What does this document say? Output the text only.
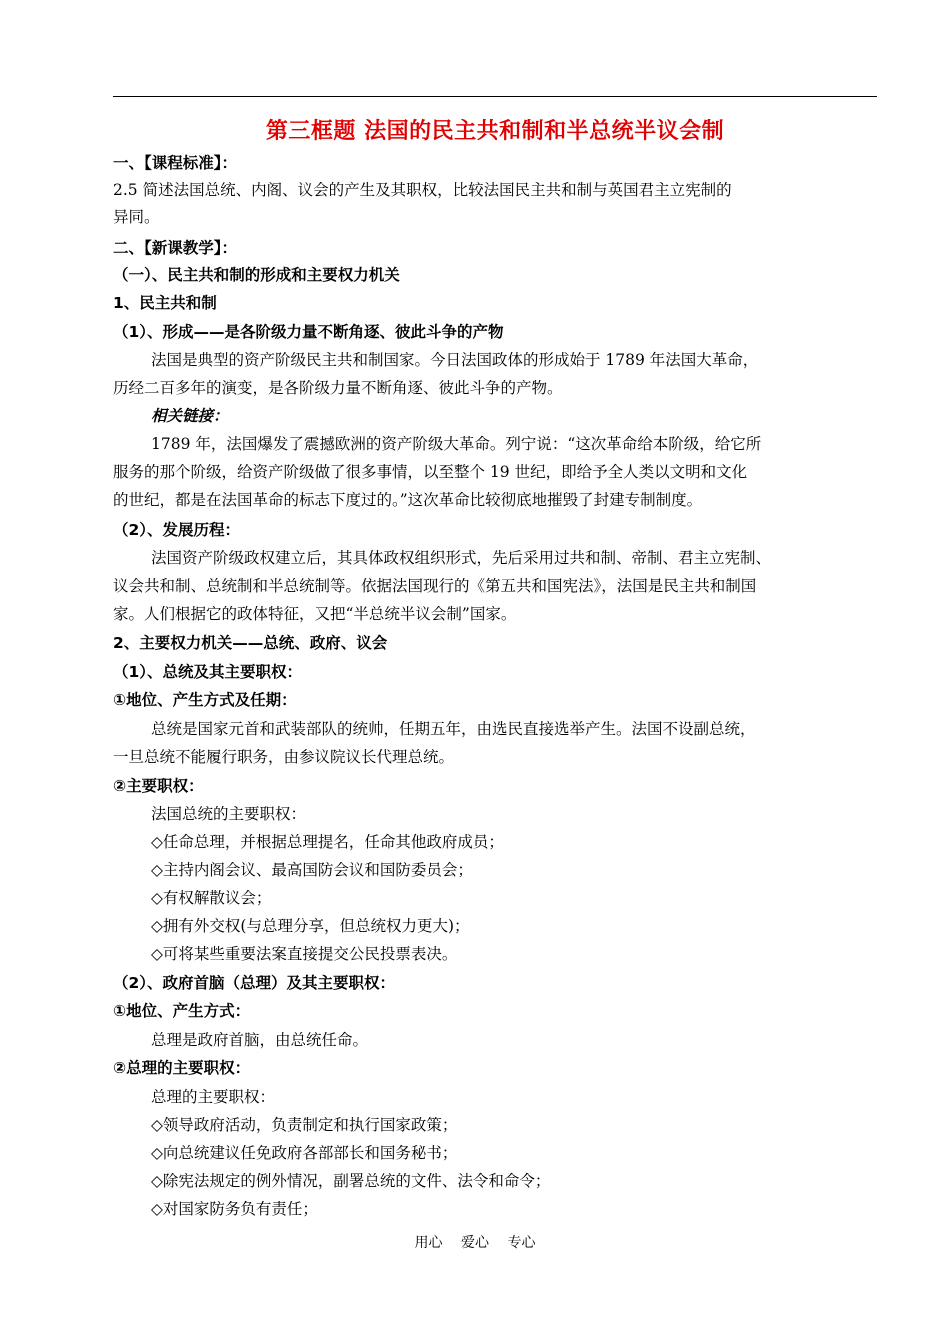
第三框题 法国的民主共和制和半总统半议会制
一、【课程标准】：
2.5 简述法国总统、内阁、议会的产生及其职权，比较法国民主共和制与英国君主立宪制的
异同。
二、【新课教学】：
（一）、民主共和制的形成和主要权力机关
1、民主共和制
（1）、形成——是各阶级力量不断角逐、彼此斗争的产物
法国是典型的资产阶级民主共和制国家。今日法国政体的形成始于 1789 年法国大革命，
历经二百多年的演变，是各阶级力量不断角逐、彼此斗争的产物。
相关链接：
1789 年，法国爆发了震撼欧洲的资产阶级大革命。列宁说：“这次革命给本阶级，给它所
服务的那个阶级，给资产阶级做了很多事情，以至整个 19 世纪，即给予全人类以文明和文化
的世纪，都是在法国革命的标志下度过的。”这次革命比较彻底地摧毁了封建专制制度。
（2）、发展历程：
法国资产阶级政权建立后，其具体政权组织形式，先后采用过共和制、帝制、君主立宪制、
议会共和制、总统制和半总统制等。依据法国现行的《第五共和国宪法》，法国是民主共和制国
家。人们根据它的政体特征，又把“半总统半议会制”国家。
2、主要权力机关——总统、政府、议会
（1）、总统及其主要职权：
①地位、产生方式及任期：
总统是国家元首和武装部队的统帅，任期五年，由选民直接选举产生。法国不设副总统，
一旦总统不能履行职务，由参议院议长代理总统。
②主要职权：
法国总统的主要职权：
◇任命总理，并根据总理提名，任命其他政府成员；
◇主持内阁会议、最高国防会议和国防委员会；
◇有权解散议会；
◇拥有外交权(与总理分享，但总统权力更大)；
◇可将某些重要法案直接提交公民投票表决。
（2）、政府首脑（总理）及其主要职权：
①地位、产生方式：
总理是政府首脑，由总统任命。
②总理的主要职权：
总理的主要职权：
◇领导政府活动，负责制定和执行国家政策；
◇向总统建议任免政府各部部长和国务秘书；
◇除宪法规定的例外情况，副署总统的文件、法令和命令；
◇对国家防务负有责任；
用心 爱心 专心
